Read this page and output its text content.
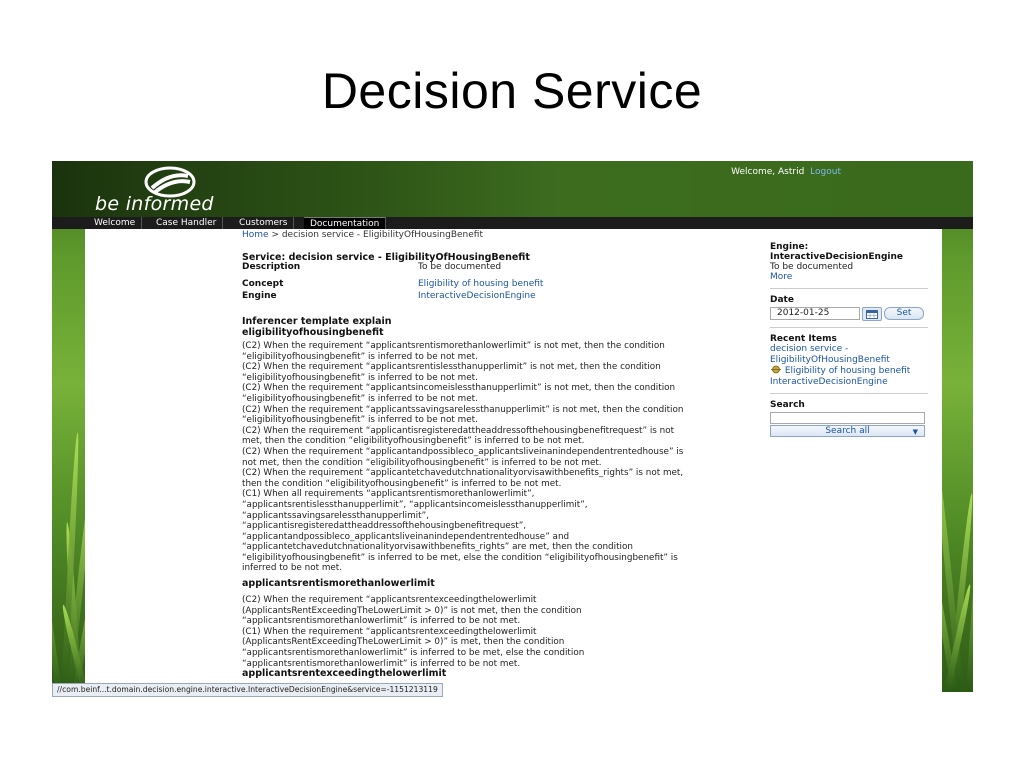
Decision Service
be informed
Welcome, Astrid Logout
Welcome	Case Handler	Customers	Documentation
Home > decision service - EligibilityOfHousingBenefit
Service: decision service - EligibilityOfHousingBenefit
Description	To be documented
Concept	Eligibility of housing benefit
Engine	InteractiveDecisionEngine
Inferencer template explain
eligibilityofhousingbenefit
(C2) When the requirement “applicantsrentismorethanlowerlimit” is not met, then the condition
“eligibilityofhousingbenefit” is inferred to be not met.
(C2) When the requirement “applicantsrentislessthanupperlimit” is not met, then the condition
“eligibilityofhousingbenefit” is inferred to be not met.
(C2) When the requirement “applicantsincomeislessthanupperlimit” is not met, then the condition
“eligibilityofhousingbenefit” is inferred to be not met.
(C2) When the requirement “applicantssavingsarelessthanupperlimit” is not met, then the condition
“eligibilityofhousingbenefit” is inferred to be not met.
(C2) When the requirement “applicantisregisteredattheaddressofthehousingbenefitrequest” is not
met, then the condition “eligibilityofhousingbenefit” is inferred to be not met.
(C2) When the requirement “applicantandpossibleco_applicantsliveinanindependentrentedhouse” is
not met, then the condition “eligibilityofhousingbenefit” is inferred to be not met.
(C2) When the requirement “applicantetchavedutchnationalityorvisawithbenefits_rights” is not met,
then the condition “eligibilityofhousingbenefit” is inferred to be not met.
(C1) When all requirements “applicantsrentismorethanlowerlimit”,
“applicantsrentislessthanupperlimit”, “applicantsincomeislessthanupperlimit”,
“applicantssavingsarelessthanupperlimit”,
“applicantisregisteredattheaddressofthehousingbenefitrequest”,
“applicantandpossibleco_applicantsliveinanindependentrentedhouse” and
“applicantetchavedutchnationalityorvisawithbenefits_rights” are met, then the condition
“eligibilityofhousingbenefit” is inferred to be met, else the condition “eligibilityofhousingbenefit” is
inferred to be not met.
applicantsrentismorethanlowerlimit
(C2) When the requirement “applicantsrentexceedingthelowerlimit
(ApplicantsRentExceedingTheLowerLimit > 0)” is not met, then the condition
“applicantsrentismorethanlowerlimit” is inferred to be not met.
(C1) When the requirement “applicantsrentexceedingthelowerlimit
(ApplicantsRentExceedingTheLowerLimit > 0)” is met, then the condition
“applicantsrentismorethanlowerlimit” is inferred to be met, else the condition
“applicantsrentismorethanlowerlimit” is inferred to be not met.
applicantsrentexceedingthelowerlimit
Engine:
InteractiveDecisionEngine
To be documented
More
Date
2012-01-25	Set
Recent Items
decision service -
EligibilityOfHousingBenefit
Eligibility of housing benefit
InteractiveDecisionEngine
Search
Search all	▼
//com.beinf...t.domain.decision.engine.interactive.InteractiveDecisionEngine&service=-1151213119
